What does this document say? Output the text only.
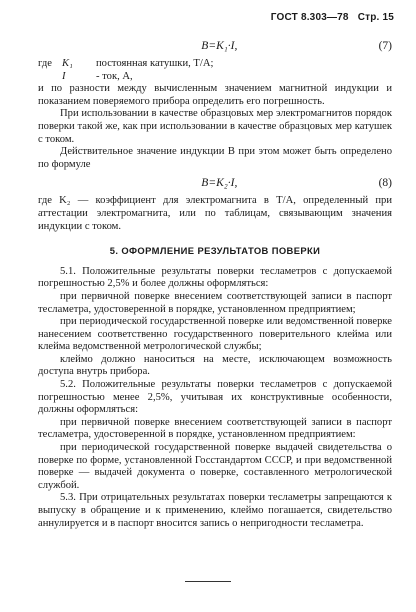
ГОСТ 8.303—78 Стр. 15
B=K₁·I,	(7)
где K₁	постоянная катушки, Т/А;
I	- ток, А,

и по разности между вычисленным значением магнитной индукции и показанием поверяемого прибора определить его погрешность.

При использовании в качестве образцовых мер электромагнитов порядок поверки такой же, как при использовании в качестве образцовых мер катушек с током.

Действительное значение индукции B при этом может быть определено по формуле

B=K₂·I,	(8)

где K₂ — коэффициент для электромагнита в Т/А, определенный при аттестации электромагнита, или по таблицам, связывающим значения индукции с током.

5. ОФОРМЛЕНИЕ РЕЗУЛЬТАТОВ ПОВЕРКИ

5.1. Положительные результаты поверки тесламетров с допускаемой погрешностью 2,5% и более должны оформляться:

при первичной поверке внесением соответствующей записи в паспорт тесламетра, удостоверенной в порядке, установленном предприятием;

при периодической государственной поверке или ведомственной поверке нанесением соответственно государственного поверительного клейма или клейма ведомственной метрологической службы;

клеймо должно наноситься на месте, исключающем возможность доступа внутрь прибора.

5.2. Положительные результаты поверки тесламетров с допускаемой погрешностью менее 2,5%, учитывая их конструктивные особенности, должны оформляться:

при первичной поверке внесением соответствующей записи в паспорт тесламетра, удостоверенной в порядке, установленном предприятием:

при периодической государственной поверке выдачей свидетельства о поверке по форме, установленной Госстандартом СССР, и при ведомственной поверке — выдачей документа о поверке, составленного метрологической службой.

5.3. При отрицательных результатах поверки тесламетры запрещаются к выпуску в обращение и к применению, клеймо погашается, свидетельство аннулируется и в паспорт вносится запись о непригодности тесламетра.
